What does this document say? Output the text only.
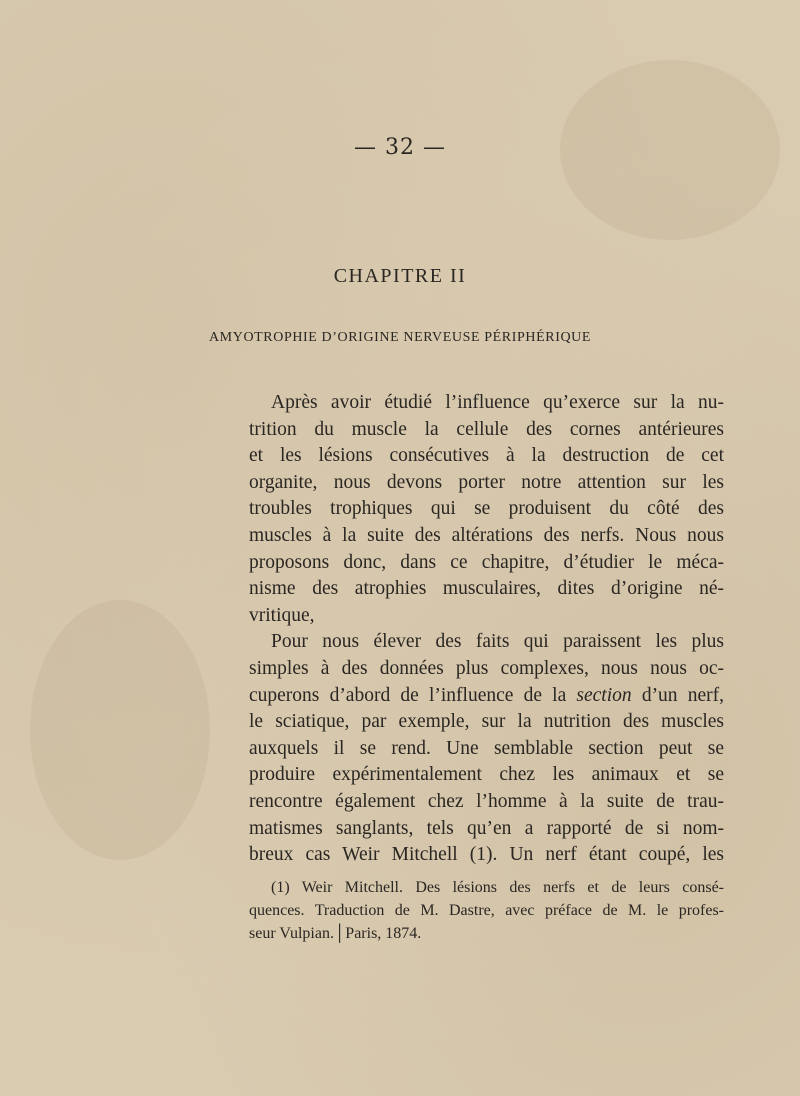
— 32 —
CHAPITRE II
AMYOTROPHIE D’ORIGINE NERVEUSE PÉRIPHÉRIQUE
Après avoir étudié l’influence qu’exerce sur la nu-
trition du muscle la cellule des cornes antérieures
et les lésions consécutives à la destruction de cet
organite, nous devons porter notre attention sur les
troubles trophiques qui se produisent du côté des
muscles à la suite des altérations des nerfs. Nous nous
proposons donc, dans ce chapitre, d’étudier le méca-
nisme des atrophies musculaires, dites d’origine né-
vritique,
Pour nous élever des faits qui paraissent les plus
simples à des données plus complexes, nous nous oc-
cuperons d’abord de l’influence de la section d’un nerf,
le sciatique, par exemple, sur la nutrition des muscles
auxquels il se rend. Une semblable section peut se
produire expérimentalement chez les animaux et se
rencontre également chez l’homme à la suite de trau-
matismes sanglants, tels qu’en a rapporté de si nom-
breux cas Weir Mitchell (1). Un nerf étant coupé, les
(1) Weir Mitchell. Des lésions des nerfs et de leurs consé-
quences. Traduction de M. Dastre, avec préface de M. le profes-
seur Vulpian.│Paris, 1874.
